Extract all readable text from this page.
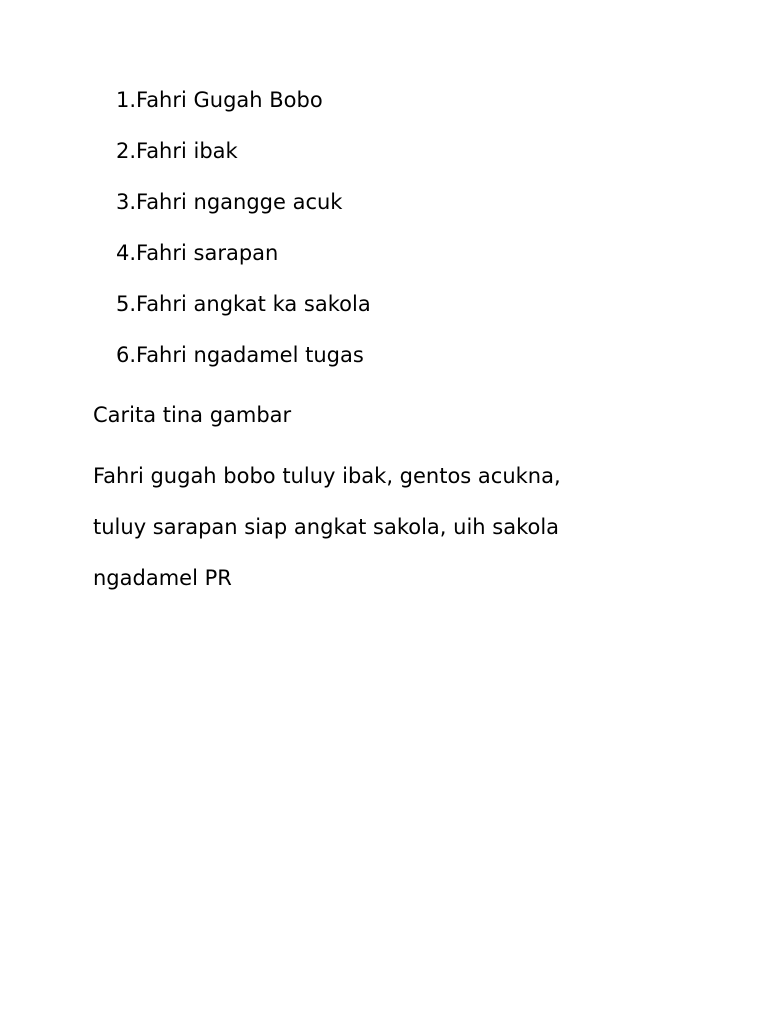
1.Fahri Gugah Bobo
2.Fahri ibak
3.Fahri ngangge acuk
4.Fahri sarapan
5.Fahri angkat ka sakola
6.Fahri ngadamel tugas

Carita tina gambar

Fahri gugah bobo tuluy ibak, gentos acukna,
tuluy sarapan siap angkat sakola, uih sakola
ngadamel PR
